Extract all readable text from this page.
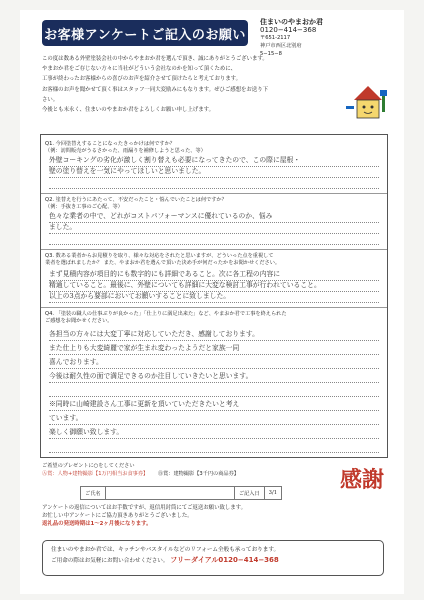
お客様アンケートご記入のお願い
住まいのやまおか君
0120−414−368
〒651-2117
神戸市西区北別府
5−15−8
この度は数ある外壁塗装会社の中からやまおか君を選んで頂き、誠にありがとうございます。
やまおか君をご存じない方々に当社がどういう会社なのかを知って頂くために、
工事が終わったお客様からの喜びのお声を紹介させて頂けたらと考えております。
お客様のお声を聞かせて頂く事はスタッフ一同大変励みにもなります。ぜひご感想をお送り下さい。
今後とも末永く、住まいのやまおか君をよろしくお願い申し上げます。
Q1. 今回塗替えすることになったきっかけは何ですか？
（例：訪問販売がうるさかった、雨漏りを補修しようと思った、等）
外壁コーキングの劣化が激しく割り替えも必要になってきたので、この際に屋根・
壁の塗り替えを一気にやってほしいと思いました。
Q2. 塗替えを行うにあたって、不安だったこと・悩んでいたことは何ですか？
（例：手抜き工事のご心配、等）
色々な業者の中で、どれがコストパフォーマンスに優れているのか、悩み
ました。
Q3. 数ある業者からお見積りを取り、様々な対応をされたと思いますが、どういった点を重視して
業者を選ばれましたか？ また、やまおか君を選んで頂いた決め手が何だったかをお聞かせください。
まず見積内容が項目的にも数字的にも詳細であること。次に各工程の内容に
精通していること。最後に、外壁についても詳細に大変な検討工事が行われていること。
以上の3点から要部においてお願いすることに致しました。
Q4. 「塗装の職人の仕事ぶりが良かった」「仕上りに満足出来た」など、やまおか君で工事を終えられた
ご感想をお聞かせください。
各担当の方々には大変丁寧に対応していただき、感謝しております。
また仕上りも大変綺麗で家が生まれ変わったようだと家族一同
喜んでおります。
今後は耐久性の面で満足できるのか注目していきたいと思います。
※同時に山崎建設さん工事に更新を頂いていただきたいと考え
ています。
楽しく御願い致します。
ご希望のプレゼントに○をしてください
Ⓐ賞：人物+建物撮影【1万円相当お食事券】 Ⓑ賞：建物撮影【3千円の商品券】
ご氏名	ご記入日	3/1
アンケートの返信についてはお手数ですが、返信用封筒にてご返送お願い致します。
お忙しい中アンケートにご協力頂きありがとうございました。
返礼品の発送時期は1〜2ヶ月後になります。
感謝
住まいのやまおか君では、キッチンやバスタイルなどのリフォーム全般も承っております。
ご用命の際はお気軽にお問い合わせください。 フリーダイアル0120−414−368
